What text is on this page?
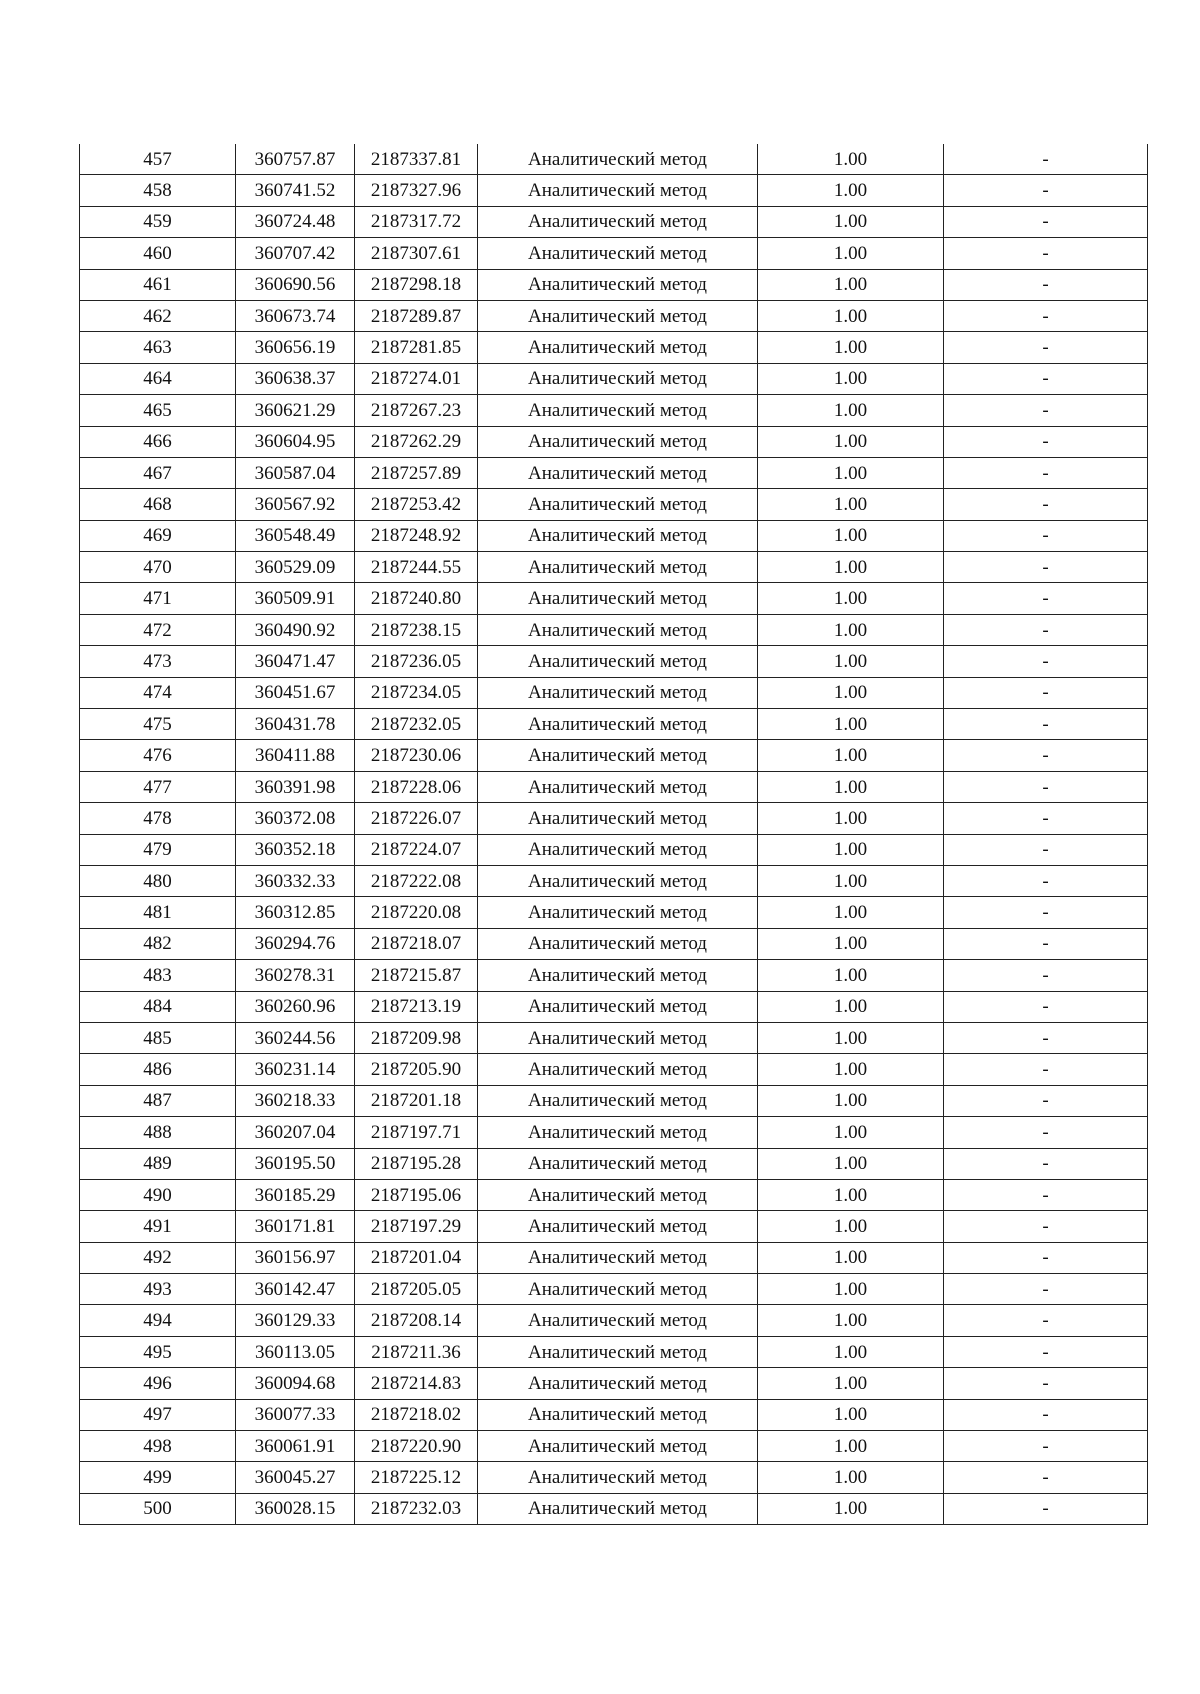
457	360757.87	2187337.81	Аналитический метод	1.00	-
458	360741.52	2187327.96	Аналитический метод	1.00	-
459	360724.48	2187317.72	Аналитический метод	1.00	-
460	360707.42	2187307.61	Аналитический метод	1.00	-
461	360690.56	2187298.18	Аналитический метод	1.00	-
462	360673.74	2187289.87	Аналитический метод	1.00	-
463	360656.19	2187281.85	Аналитический метод	1.00	-
464	360638.37	2187274.01	Аналитический метод	1.00	-
465	360621.29	2187267.23	Аналитический метод	1.00	-
466	360604.95	2187262.29	Аналитический метод	1.00	-
467	360587.04	2187257.89	Аналитический метод	1.00	-
468	360567.92	2187253.42	Аналитический метод	1.00	-
469	360548.49	2187248.92	Аналитический метод	1.00	-
470	360529.09	2187244.55	Аналитический метод	1.00	-
471	360509.91	2187240.80	Аналитический метод	1.00	-
472	360490.92	2187238.15	Аналитический метод	1.00	-
473	360471.47	2187236.05	Аналитический метод	1.00	-
474	360451.67	2187234.05	Аналитический метод	1.00	-
475	360431.78	2187232.05	Аналитический метод	1.00	-
476	360411.88	2187230.06	Аналитический метод	1.00	-
477	360391.98	2187228.06	Аналитический метод	1.00	-
478	360372.08	2187226.07	Аналитический метод	1.00	-
479	360352.18	2187224.07	Аналитический метод	1.00	-
480	360332.33	2187222.08	Аналитический метод	1.00	-
481	360312.85	2187220.08	Аналитический метод	1.00	-
482	360294.76	2187218.07	Аналитический метод	1.00	-
483	360278.31	2187215.87	Аналитический метод	1.00	-
484	360260.96	2187213.19	Аналитический метод	1.00	-
485	360244.56	2187209.98	Аналитический метод	1.00	-
486	360231.14	2187205.90	Аналитический метод	1.00	-
487	360218.33	2187201.18	Аналитический метод	1.00	-
488	360207.04	2187197.71	Аналитический метод	1.00	-
489	360195.50	2187195.28	Аналитический метод	1.00	-
490	360185.29	2187195.06	Аналитический метод	1.00	-
491	360171.81	2187197.29	Аналитический метод	1.00	-
492	360156.97	2187201.04	Аналитический метод	1.00	-
493	360142.47	2187205.05	Аналитический метод	1.00	-
494	360129.33	2187208.14	Аналитический метод	1.00	-
495	360113.05	2187211.36	Аналитический метод	1.00	-
496	360094.68	2187214.83	Аналитический метод	1.00	-
497	360077.33	2187218.02	Аналитический метод	1.00	-
498	360061.91	2187220.90	Аналитический метод	1.00	-
499	360045.27	2187225.12	Аналитический метод	1.00	-
500	360028.15	2187232.03	Аналитический метод	1.00	-
